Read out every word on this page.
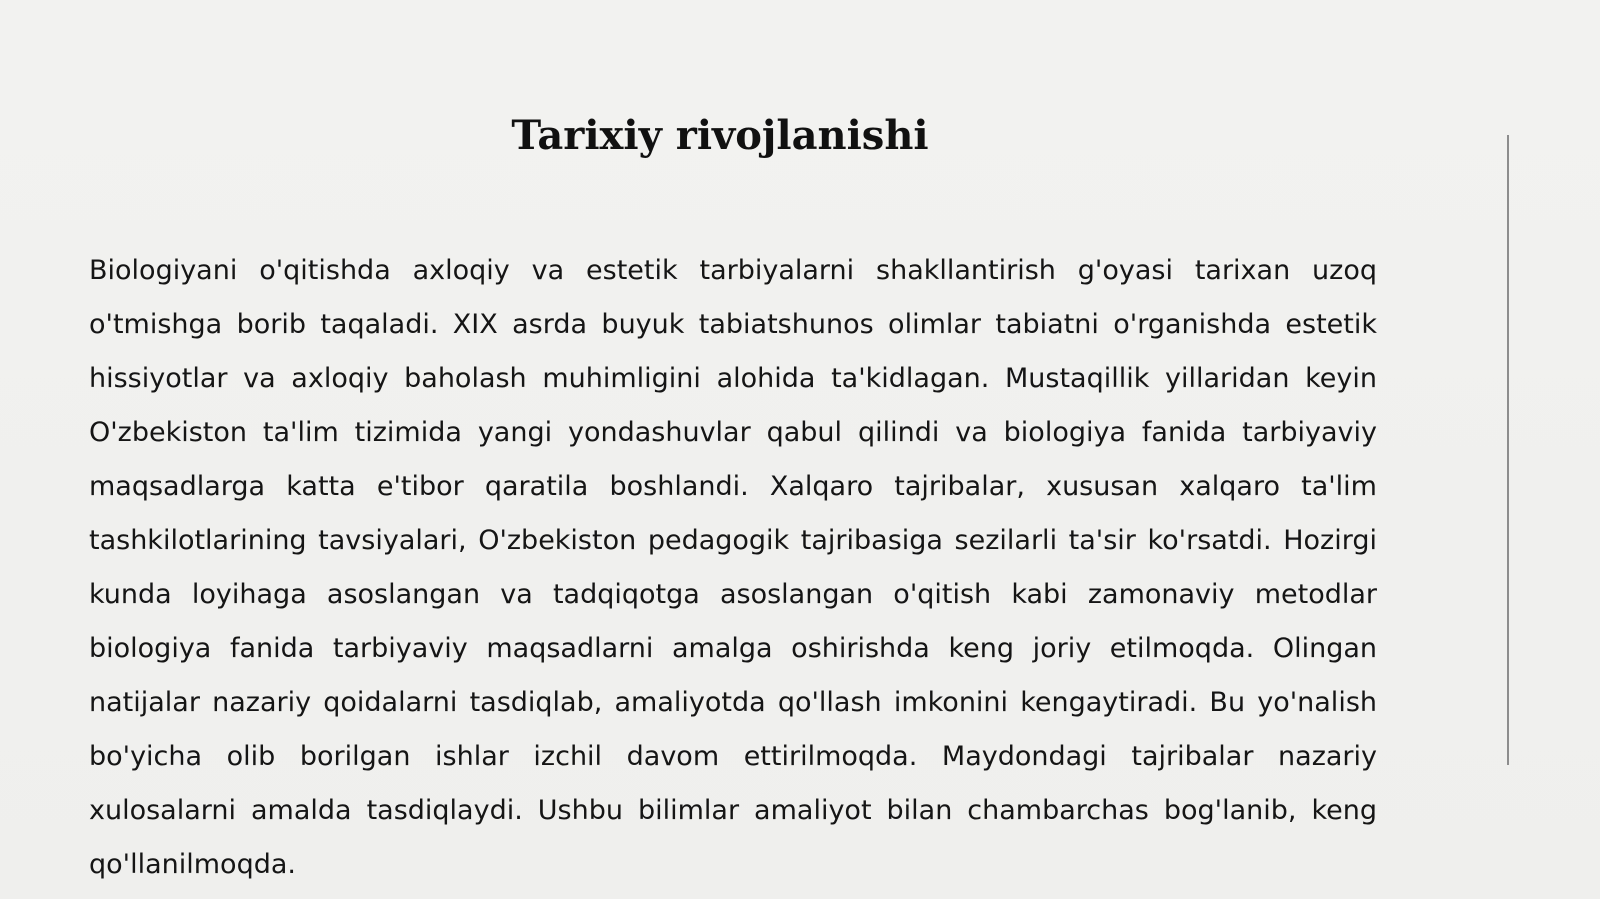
Tarixiy rivojlanishi

Biologiyani o'qitishda axloqiy va estetik tarbiyalarni shakllantirish g'oyasi tarixan uzoq o'tmishga borib taqaladi. XIX asrda buyuk tabiatshunos olimlar tabiatni o'rganishda estetik hissiyotlar va axloqiy baholash muhimligini alohida ta'kidlagan. Mustaqillik yillaridan keyin O'zbekiston ta'lim tizimida yangi yondashuvlar qabul qilindi va biologiya fanida tarbiyaviy maqsadlarga katta e'tibor qaratila boshlandi. Xalqaro tajribalar, xususan xalqaro ta'lim tashkilotlarining tavsiyalari, O'zbekiston pedagogik tajribasiga sezilarli ta'sir ko'rsatdi. Hozirgi kunda loyihaga asoslangan va tadqiqotga asoslangan o'qitish kabi zamonaviy metodlar biologiya fanida tarbiyaviy maqsadlarni amalga oshirishda keng joriy etilmoqda. Olingan natijalar nazariy qoidalarni tasdiqlab, amaliyotda qo'llash imkonini kengaytiradi. Bu yo'nalish bo'yicha olib borilgan ishlar izchil davom ettirilmoqda. Maydondagi tajribalar nazariy xulosalarni amalda tasdiqlaydi. Ushbu bilimlar amaliyot bilan chambarchas bog'lanib, keng qo'llanilmoqda.
